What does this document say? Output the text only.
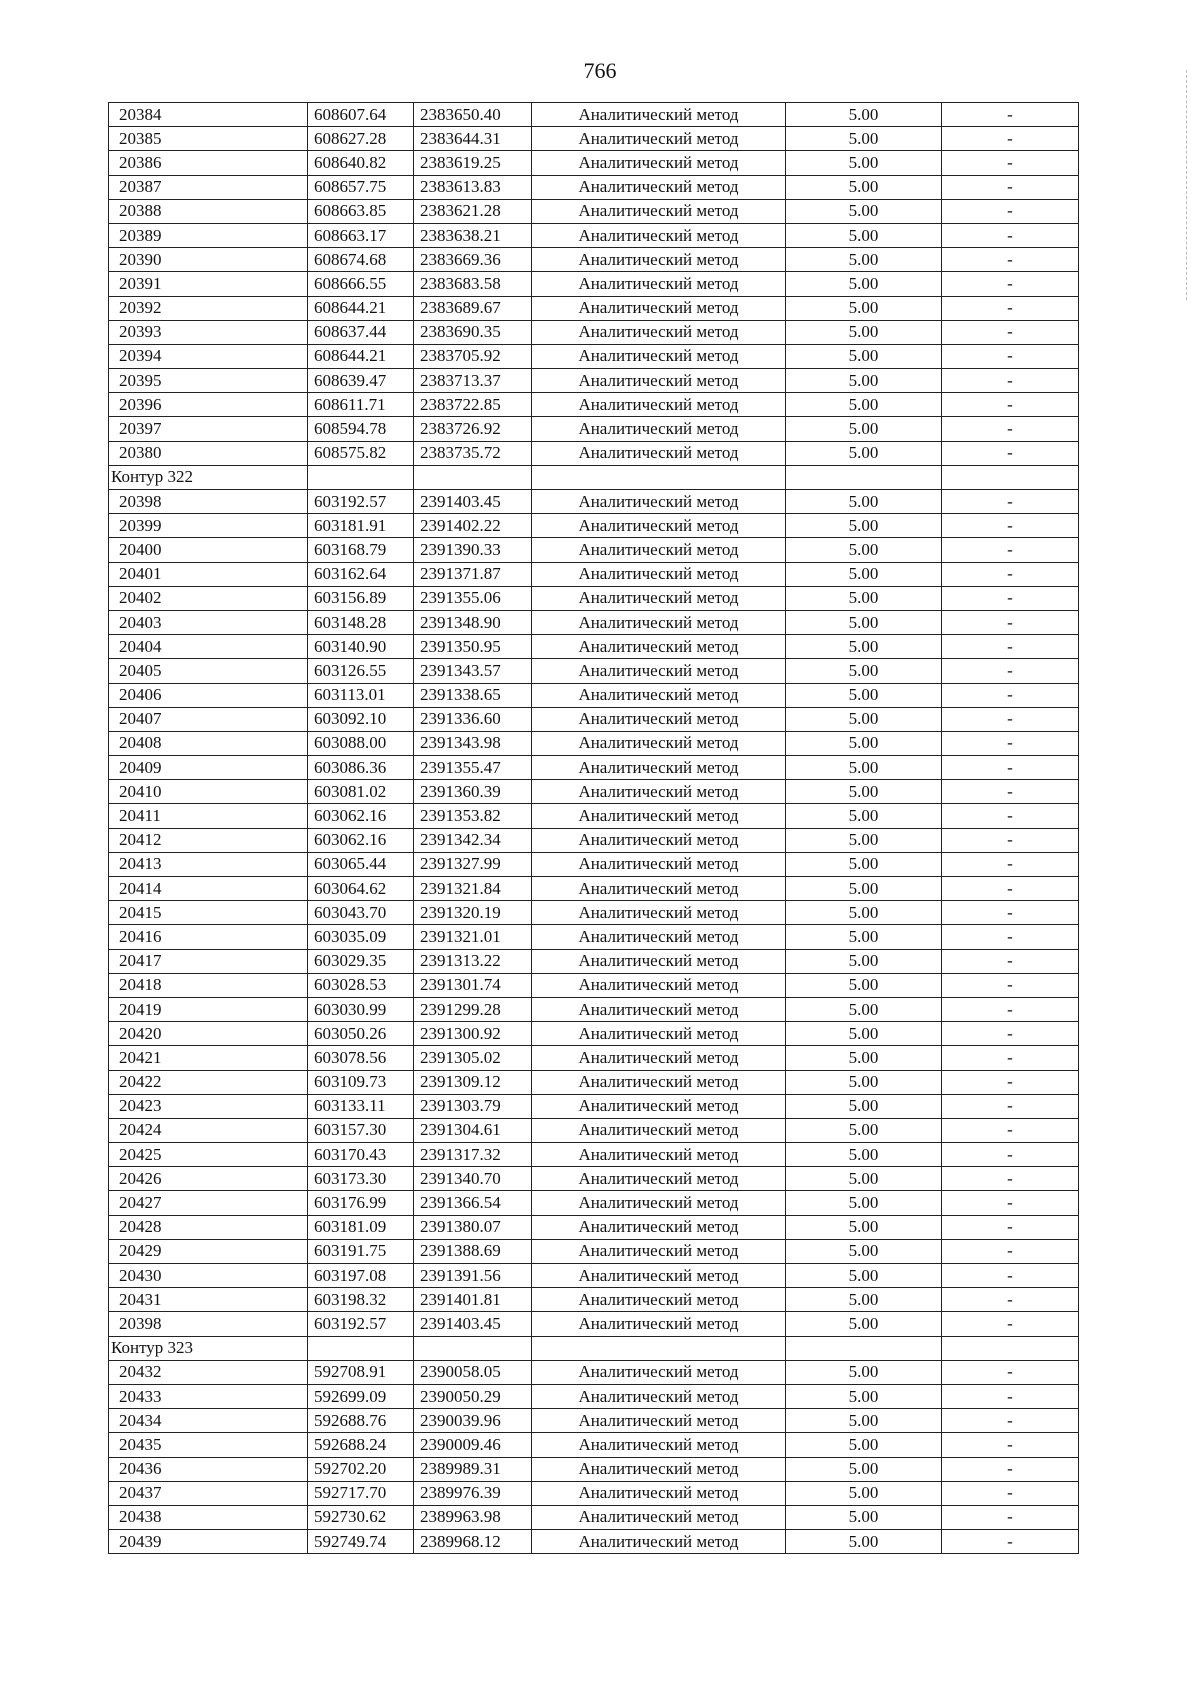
766
20384	608607.64	2383650.40	Аналитический метод	5.00	-
20385	608627.28	2383644.31	Аналитический метод	5.00	-
20386	608640.82	2383619.25	Аналитический метод	5.00	-
20387	608657.75	2383613.83	Аналитический метод	5.00	-
20388	608663.85	2383621.28	Аналитический метод	5.00	-
20389	608663.17	2383638.21	Аналитический метод	5.00	-
20390	608674.68	2383669.36	Аналитический метод	5.00	-
20391	608666.55	2383683.58	Аналитический метод	5.00	-
20392	608644.21	2383689.67	Аналитический метод	5.00	-
20393	608637.44	2383690.35	Аналитический метод	5.00	-
20394	608644.21	2383705.92	Аналитический метод	5.00	-
20395	608639.47	2383713.37	Аналитический метод	5.00	-
20396	608611.71	2383722.85	Аналитический метод	5.00	-
20397	608594.78	2383726.92	Аналитический метод	5.00	-
20380	608575.82	2383735.72	Аналитический метод	5.00	-
Контур 322					
20398	603192.57	2391403.45	Аналитический метод	5.00	-
20399	603181.91	2391402.22	Аналитический метод	5.00	-
20400	603168.79	2391390.33	Аналитический метод	5.00	-
20401	603162.64	2391371.87	Аналитический метод	5.00	-
20402	603156.89	2391355.06	Аналитический метод	5.00	-
20403	603148.28	2391348.90	Аналитический метод	5.00	-
20404	603140.90	2391350.95	Аналитический метод	5.00	-
20405	603126.55	2391343.57	Аналитический метод	5.00	-
20406	603113.01	2391338.65	Аналитический метод	5.00	-
20407	603092.10	2391336.60	Аналитический метод	5.00	-
20408	603088.00	2391343.98	Аналитический метод	5.00	-
20409	603086.36	2391355.47	Аналитический метод	5.00	-
20410	603081.02	2391360.39	Аналитический метод	5.00	-
20411	603062.16	2391353.82	Аналитический метод	5.00	-
20412	603062.16	2391342.34	Аналитический метод	5.00	-
20413	603065.44	2391327.99	Аналитический метод	5.00	-
20414	603064.62	2391321.84	Аналитический метод	5.00	-
20415	603043.70	2391320.19	Аналитический метод	5.00	-
20416	603035.09	2391321.01	Аналитический метод	5.00	-
20417	603029.35	2391313.22	Аналитический метод	5.00	-
20418	603028.53	2391301.74	Аналитический метод	5.00	-
20419	603030.99	2391299.28	Аналитический метод	5.00	-
20420	603050.26	2391300.92	Аналитический метод	5.00	-
20421	603078.56	2391305.02	Аналитический метод	5.00	-
20422	603109.73	2391309.12	Аналитический метод	5.00	-
20423	603133.11	2391303.79	Аналитический метод	5.00	-
20424	603157.30	2391304.61	Аналитический метод	5.00	-
20425	603170.43	2391317.32	Аналитический метод	5.00	-
20426	603173.30	2391340.70	Аналитический метод	5.00	-
20427	603176.99	2391366.54	Аналитический метод	5.00	-
20428	603181.09	2391380.07	Аналитический метод	5.00	-
20429	603191.75	2391388.69	Аналитический метод	5.00	-
20430	603197.08	2391391.56	Аналитический метод	5.00	-
20431	603198.32	2391401.81	Аналитический метод	5.00	-
20398	603192.57	2391403.45	Аналитический метод	5.00	-
Контур 323					
20432	592708.91	2390058.05	Аналитический метод	5.00	-
20433	592699.09	2390050.29	Аналитический метод	5.00	-
20434	592688.76	2390039.96	Аналитический метод	5.00	-
20435	592688.24	2390009.46	Аналитический метод	5.00	-
20436	592702.20	2389989.31	Аналитический метод	5.00	-
20437	592717.70	2389976.39	Аналитический метод	5.00	-
20438	592730.62	2389963.98	Аналитический метод	5.00	-
20439	592749.74	2389968.12	Аналитический метод	5.00	-
